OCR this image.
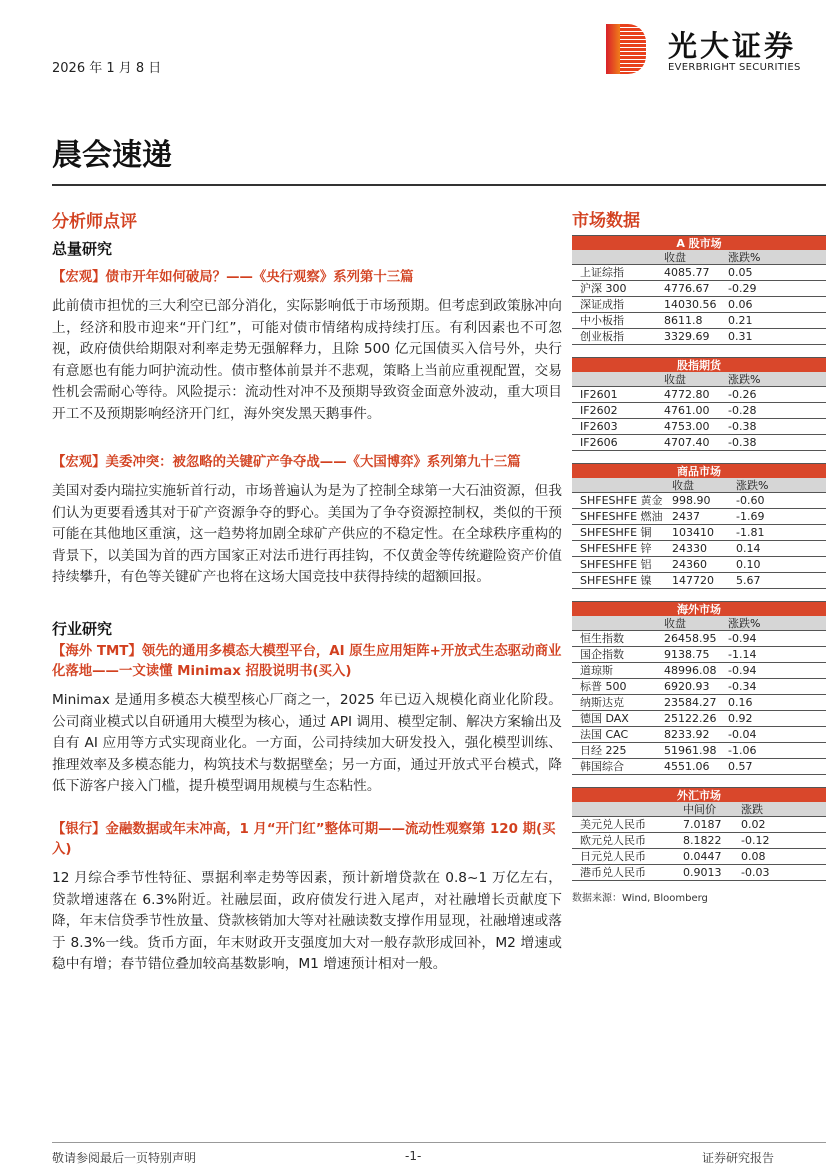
2026 年 1 月 8 日
光大证券
EVERBRIGHT SECURITIES
晨会速递
分析师点评
总量研究
【宏观】债市开年如何破局？——《央行观察》系列第十三篇
此前债市担忧的三大利空已部分消化，实际影响低于市场预期。但考虑到政策脉冲向上，经济和股市迎来“开门红”，可能对债市情绪构成持续打压。有利因素也不可忽视，政府债供给期限对利率走势无强解释力，且除 500 亿元国债买入信号外，央行有意愿也有能力呵护流动性。债市整体前景并不悲观，策略上当前应重视配置，交易性机会需耐心等待。风险提示：流动性对冲不及预期导致资金面意外波动，重大项目开工不及预期影响经济开门红，海外突发黑天鹅事件。
【宏观】美委冲突：被忽略的关键矿产争夺战——《大国博弈》系列第九十三篇
美国对委内瑞拉实施斩首行动，市场普遍认为是为了控制全球第一大石油资源，但我们认为更要看透其对于矿产资源争夺的野心。美国为了争夺资源控制权，类似的干预可能在其他地区重演，这一趋势将加剧全球矿产供应的不稳定性。在全球秩序重构的背景下，以美国为首的西方国家正对法币进行再挂钩，不仅黄金等传统避险资产价值持续攀升，有色等关键矿产也将在这场大国竞技中获得持续的超额回报。
行业研究
【海外 TMT】领先的通用多模态大模型平台，AI 原生应用矩阵+开放式生态驱动商业化落地——一文读懂 Minimax 招股说明书(买入)
Minimax 是通用多模态大模型核心厂商之一，2025 年已迈入规模化商业化阶段。公司商业模式以自研通用大模型为核心，通过 API 调用、模型定制、解决方案输出及自有 AI 应用等方式实现商业化。一方面，公司持续加大研发投入，强化模型训练、推理效率及多模态能力，构筑技术与数据壁垒；另一方面，通过开放式平台模式，降低下游客户接入门槛，提升模型调用规模与生态粘性。
【银行】金融数据或年末冲高，1 月“开门红”整体可期——流动性观察第 120 期(买入)
12 月综合季节性特征、票据利率走势等因素，预计新增贷款在 0.8~1 万亿左右，贷款增速落在 6.3%附近。社融层面，政府债发行进入尾声，对社融增长贡献度下降，年末信贷季节性放量、贷款核销加大等对社融读数支撑作用显现，社融增速或落于 8.3%一线。货币方面，年末财政开支强度加大对一般存款形成回补，M2 增速或稳中有增；春节错位叠加较高基数影响，M1 增速预计相对一般。
市场数据
A 股市场
收盘	涨跌%
上证综指	4085.77	0.05
沪深 300	4776.67	-0.29
深证成指	14030.56	0.06
中小板指	8611.8	0.21
创业板指	3329.69	0.31
股指期货
收盘	涨跌%
IF2601	4772.80	-0.26
IF2602	4761.00	-0.28
IF2603	4753.00	-0.38
IF2606	4707.40	-0.38
商品市场
收盘	涨跌%
SHFESHFE 黄金 998.90	-0.60
SHFESHFE 燃油 2437	-1.69
SHFESHFE 铜	103410	-1.81
SHFESHFE 锌	24330	0.14
SHFESHFE 铝	24360	0.10
SHFESHFE 镍	147720	5.67
海外市场
收盘	涨跌%
恒生指数	26458.95	-0.94
国企指数	9138.75	-1.14
道琼斯	48996.08	-0.94
标普 500	6920.93	-0.34
纳斯达克	23584.27	0.16
德国 DAX	25122.26	0.92
法国 CAC	8233.92	-0.04
日经 225	51961.98	-1.06
韩国综合	4551.06	0.57
外汇市场
中间价	涨跌
美元兑人民币	7.0187	0.02
欧元兑人民币	8.1822	-0.12
日元兑人民币	0.0447	0.08
港币兑人民币	0.9013	-0.03
数据来源：Wind, Bloomberg
敬请参阅最后一页特别声明	-1-	证券研究报告
